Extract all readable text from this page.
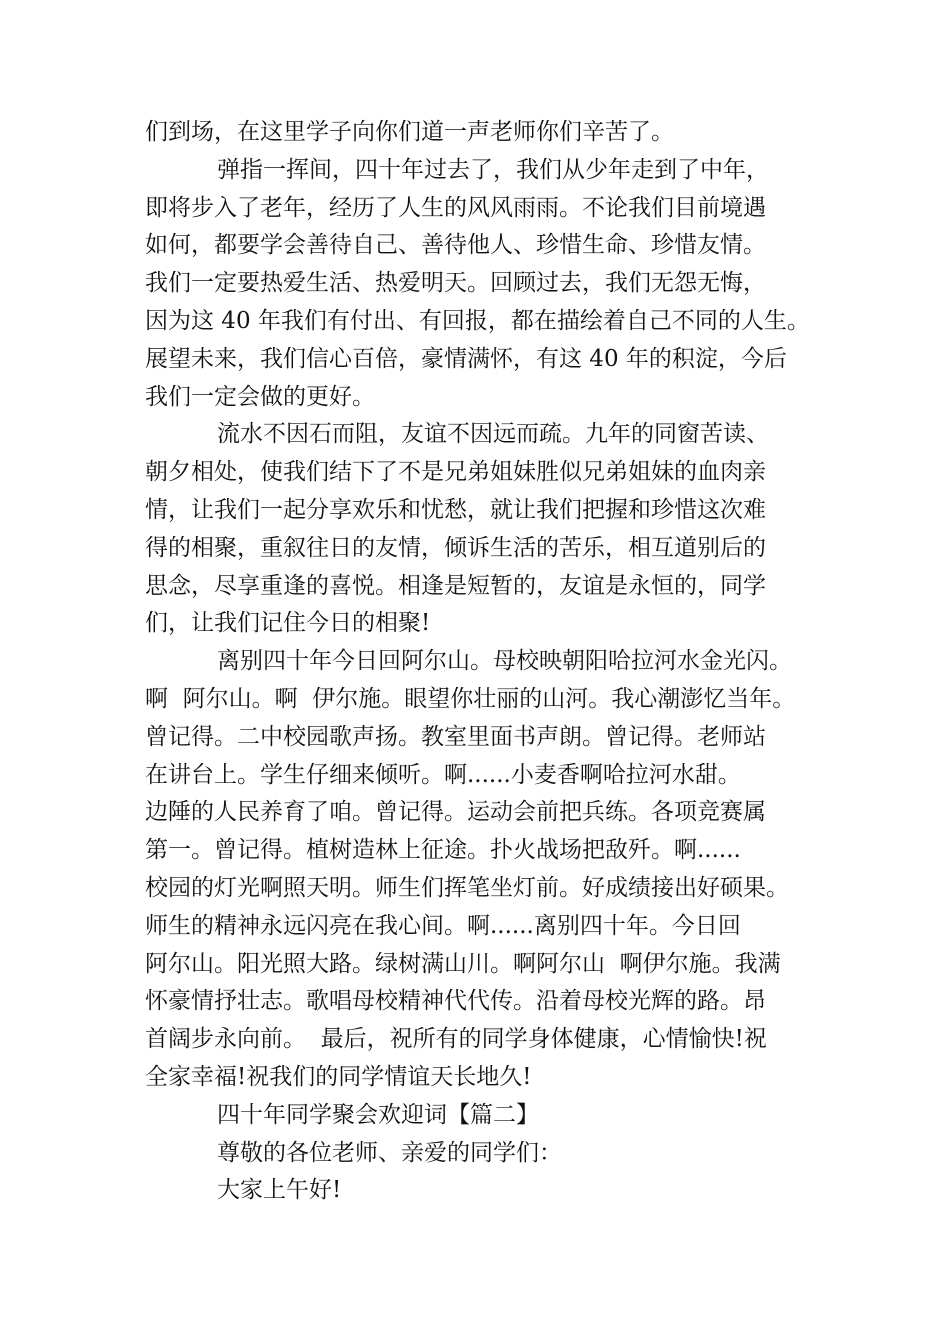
们到场，在这里学子向你们道一声老师你们辛苦了。
弹指一挥间，四十年过去了，我们从少年走到了中年，
即将步入了老年，经历了人生的风风雨雨。不论我们目前境遇
如何，都要学会善待自己、善待他人、珍惜生命、珍惜友情。
我们一定要热爱生活、热爱明天。回顾过去，我们无怨无悔，
因为这 40 年我们有付出、有回报，都在描绘着自己不同的人生。
展望未来，我们信心百倍，豪情满怀，有这 40 年的积淀，今后
我们一定会做的更好。
流水不因石而阻，友谊不因远而疏。九年的同窗苦读、
朝夕相处，使我们结下了不是兄弟姐妹胜似兄弟姐妹的血肉亲
情，让我们一起分享欢乐和忧愁，就让我们把握和珍惜这次难
得的相聚，重叙往日的友情，倾诉生活的苦乐，相互道别后的
思念，尽享重逢的喜悦。相逢是短暂的，友谊是永恒的，同学
们，让我们记住今日的相聚!
离别四十年今日回阿尔山。母校映朝阳哈拉河水金光闪。
啊  阿尔山。啊  伊尔施。眼望你壮丽的山河。我心潮澎忆当年。
曾记得。二中校园歌声扬。教室里面书声朗。曾记得。老师站
在讲台上。学生仔细来倾听。啊......小麦香啊哈拉河水甜。
边陲的人民养育了咱。曾记得。运动会前把兵练。各项竞赛属
第一。曾记得。植树造林上征途。扑火战场把敌歼。啊......
校园的灯光啊照天明。师生们挥笔坐灯前。好成绩接出好硕果。
师生的精神永远闪亮在我心间。啊......离别四十年。今日回
阿尔山。阳光照大路。绿树满山川。啊阿尔山  啊伊尔施。我满
怀豪情抒壮志。歌唱母校精神代代传。沿着母校光辉的路。昂
首阔步永向前。  最后，祝所有的同学身体健康，心情愉快!祝
全家幸福!祝我们的同学情谊天长地久!
四十年同学聚会欢迎词【篇二】
尊敬的各位老师、亲爱的同学们：
大家上午好!
